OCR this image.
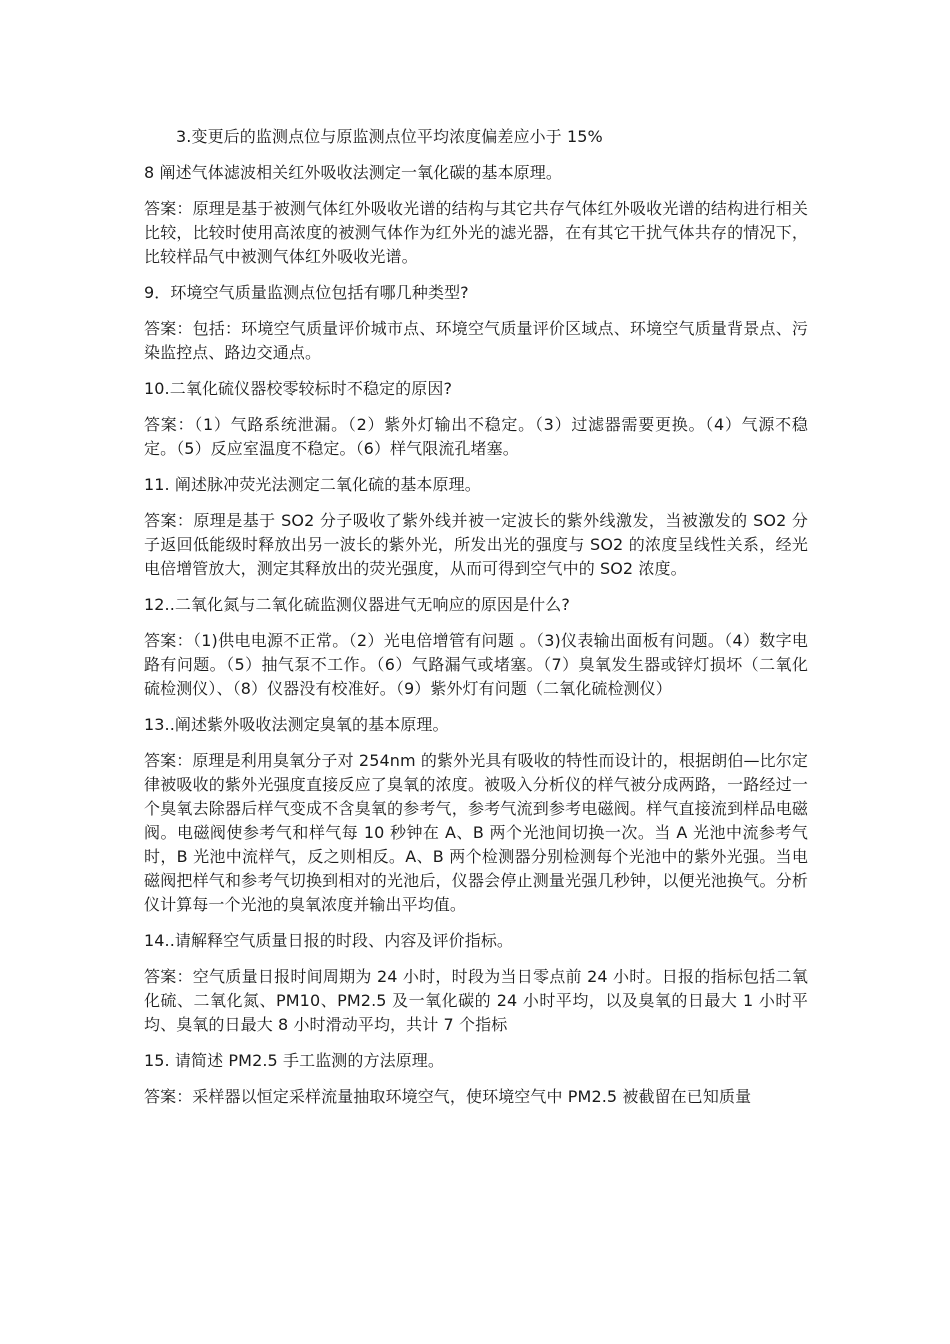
3.变更后的监测点位与原监测点位平均浓度偏差应小于 15%

8 阐述气体滤波相关红外吸收法测定一氧化碳的基本原理。

答案：原理是基于被测气体红外吸收光谱的结构与其它共存气体红外吸收光谱的结构进行相关比较，比较时使用高浓度的被测气体作为红外光的滤光器，在有其它干扰气体共存的情况下，比较样品气中被测气体红外吸收光谱。

9．环境空气质量监测点位包括有哪几种类型?

答案：包括：环境空气质量评价城市点、环境空气质量评价区域点、环境空气质量背景点、污染监控点、路边交通点。

10.二氧化硫仪器校零较标时不稳定的原因?

答案：（1）气路系统泄漏。（2）紫外灯输出不稳定。（3）过滤器需要更换。（4）气源不稳定。（5）反应室温度不稳定。（6）样气限流孔堵塞。

11. 阐述脉冲荧光法测定二氧化硫的基本原理。

答案：原理是基于 SO2 分子吸收了紫外线并被一定波长的紫外线激发，当被激发的 SO2 分子返回低能级时释放出另一波长的紫外光，所发出光的强度与 SO2 的浓度呈线性关系，经光电倍增管放大，测定其释放出的荧光强度，从而可得到空气中的 SO2 浓度。

12..二氧化氮与二氧化硫监测仪器进气无响应的原因是什么?

答案：（1)供电电源不正常。（2）光电倍增管有问题 。（3)仪表输出面板有问题。（4）数字电路有问题。（5）抽气泵不工作。（6）气路漏气或堵塞。（7）臭氧发生器或锌灯损坏（二氧化硫检测仪）、（8）仪器没有校准好。（9）紫外灯有问题（二氧化硫检测仪）

13..阐述紫外吸收法测定臭氧的基本原理。

答案：原理是利用臭氧分子对 254nm 的紫外光具有吸收的特性而设计的，根据朗伯—比尔定律被吸收的紫外光强度直接反应了臭氧的浓度。被吸入分析仪的样气被分成两路，一路经过一个臭氧去除器后样气变成不含臭氧的参考气，参考气流到参考电磁阀。样气直接流到样品电磁阀。电磁阀使参考气和样气每 10 秒钟在 A、B 两个光池间切换一次。当 A 光池中流参考气时，B 光池中流样气，反之则相反。A、B 两个检测器分别检测每个光池中的紫外光强。当电磁阀把样气和参考气切换到相对的光池后，仪器会停止测量光强几秒钟，以便光池换气。分析仪计算每一个光池的臭氧浓度并输出平均值。

14..请解释空气质量日报的时段、内容及评价指标。

答案：空气质量日报时间周期为 24 小时，时段为当日零点前 24 小时。日报的指标包括二氧化硫、二氧化氮、PM10、PM2.5 及一氧化碳的 24 小时平均，以及臭氧的日最大 1 小时平均、臭氧的日最大 8 小时滑动平均，共计 7 个指标

15. 请简述 PM2.5 手工监测的方法原理。

答案：采样器以恒定采样流量抽取环境空气，使环境空气中 PM2.5 被截留在已知质量
